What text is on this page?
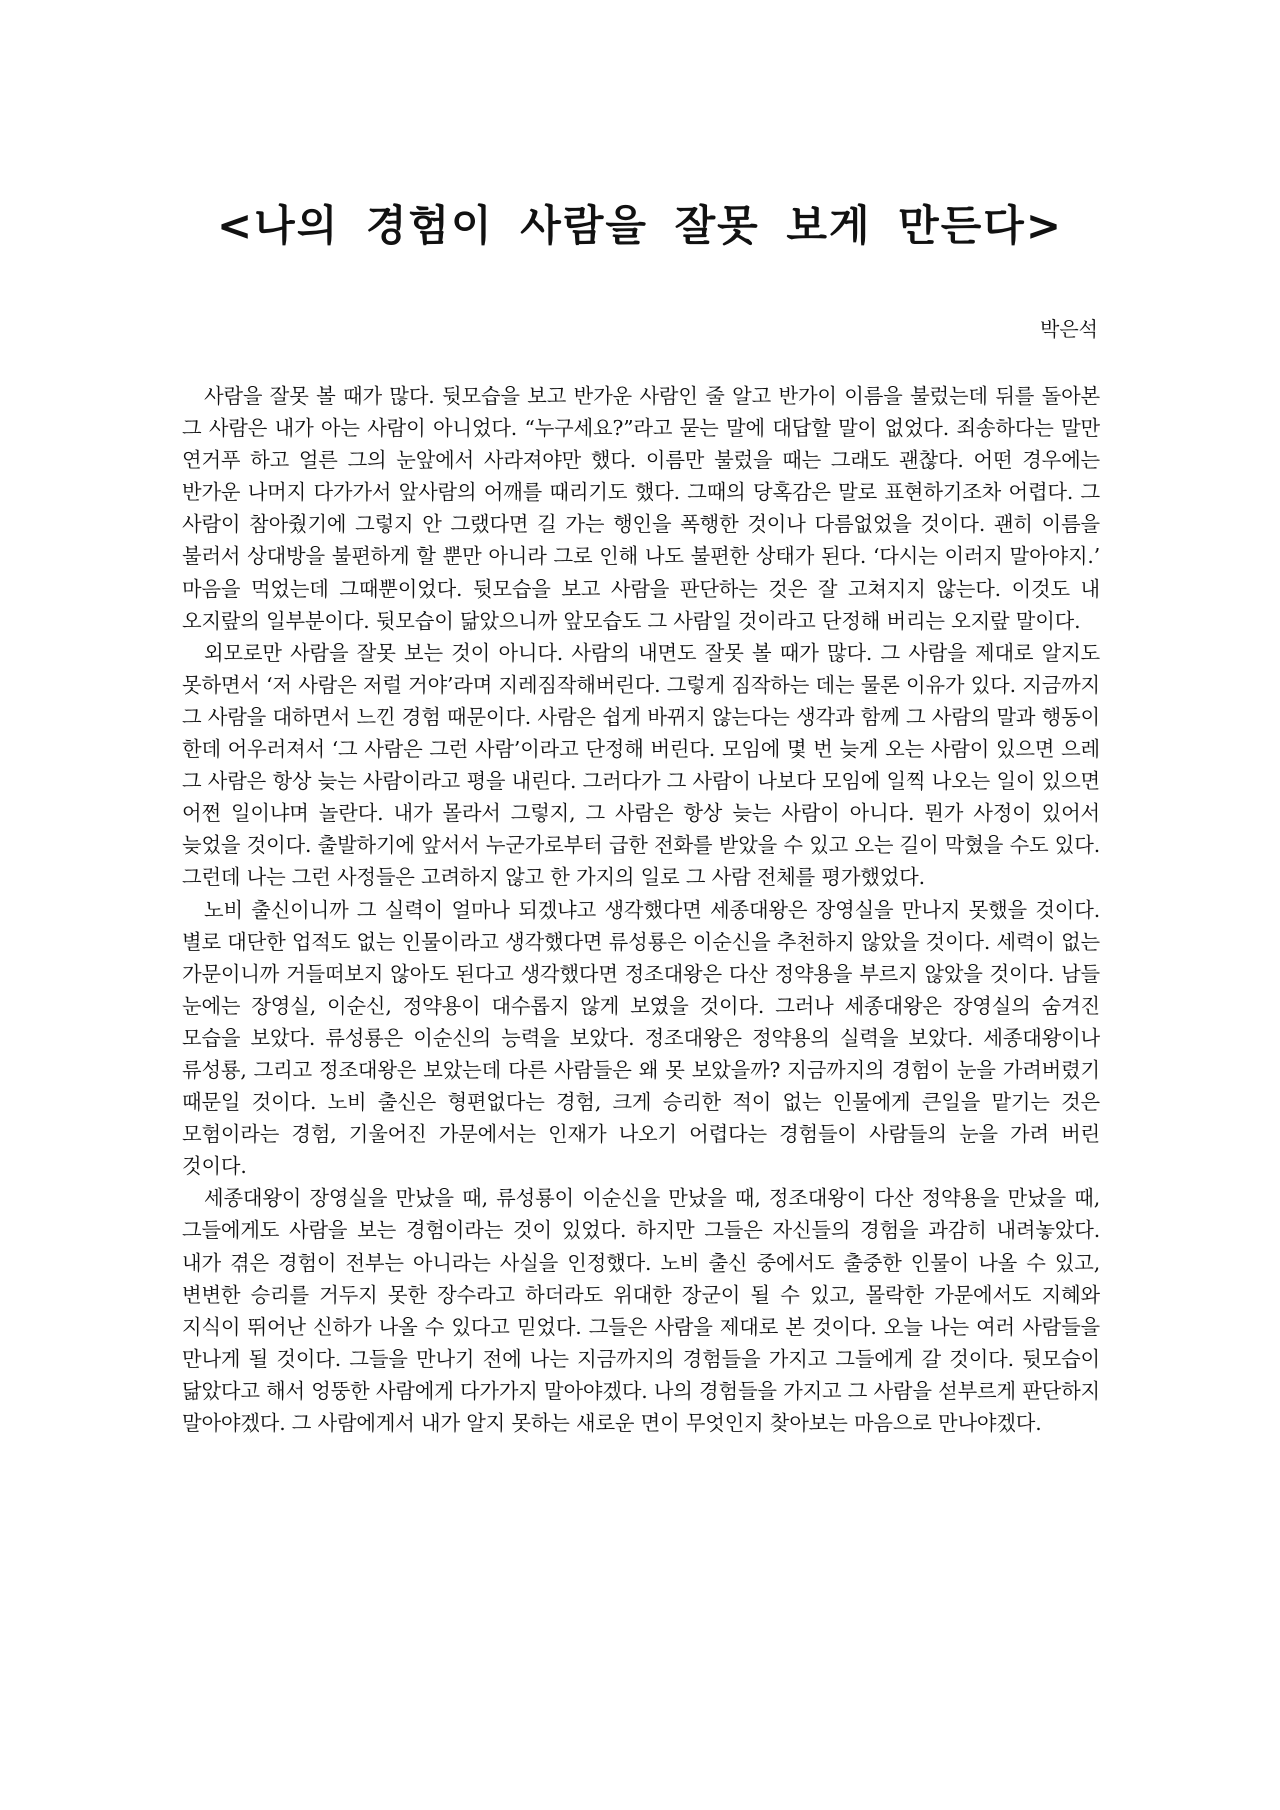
<나의 경험이 사람을 잘못 보게 만든다>

박은석

사람을 잘못 볼 때가 많다. 뒷모습을 보고 반가운 사람인 줄 알고 반가이 이름을 불렀는데 뒤를 돌아본 그 사람은 내가 아는 사람이 아니었다. “누구세요?”라고 묻는 말에 대답할 말이 없었다. 죄송하다는 말만 연거푸 하고 얼른 그의 눈앞에서 사라져야만 했다. 이름만 불렀을 때는 그래도 괜찮다. 어떤 경우에는 반가운 나머지 다가가서 앞사람의 어깨를 때리기도 했다. 그때의 당혹감은 말로 표현하기조차 어렵다. 그 사람이 참아줬기에 그렇지 안 그랬다면 길 가는 행인을 폭행한 것이나 다름없었을 것이다. 괜히 이름을 불러서 상대방을 불편하게 할 뿐만 아니라 그로 인해 나도 불편한 상태가 된다. ‘다시는 이러지 말아야지.’ 마음을 먹었는데 그때뿐이었다. 뒷모습을 보고 사람을 판단하는 것은 잘 고쳐지지 않는다. 이것도 내 오지랖의 일부분이다. 뒷모습이 닮았으니까 앞모습도 그 사람일 것이라고 단정해 버리는 오지랖 말이다.

외모로만 사람을 잘못 보는 것이 아니다. 사람의 내면도 잘못 볼 때가 많다. 그 사람을 제대로 알지도 못하면서 ‘저 사람은 저럴 거야’라며 지레짐작해버린다. 그렇게 짐작하는 데는 물론 이유가 있다. 지금까지 그 사람을 대하면서 느낀 경험 때문이다. 사람은 쉽게 바뀌지 않는다는 생각과 함께 그 사람의 말과 행동이 한데 어우러져서 ‘그 사람은 그런 사람’이라고 단정해 버린다. 모임에 몇 번 늦게 오는 사람이 있으면 으레 그 사람은 항상 늦는 사람이라고 평을 내린다. 그러다가 그 사람이 나보다 모임에 일찍 나오는 일이 있으면 어쩐 일이냐며 놀란다. 내가 몰라서 그렇지, 그 사람은 항상 늦는 사람이 아니다. 뭔가 사정이 있어서 늦었을 것이다. 출발하기에 앞서서 누군가로부터 급한 전화를 받았을 수 있고 오는 길이 막혔을 수도 있다. 그런데 나는 그런 사정들은 고려하지 않고 한 가지의 일로 그 사람 전체를 평가했었다.

노비 출신이니까 그 실력이 얼마나 되겠냐고 생각했다면 세종대왕은 장영실을 만나지 못했을 것이다. 별로 대단한 업적도 없는 인물이라고 생각했다면 류성룡은 이순신을 추천하지 않았을 것이다. 세력이 없는 가문이니까 거들떠보지 않아도 된다고 생각했다면 정조대왕은 다산 정약용을 부르지 않았을 것이다. 남들 눈에는 장영실, 이순신, 정약용이 대수롭지 않게 보였을 것이다. 그러나 세종대왕은 장영실의 숨겨진 모습을 보았다. 류성룡은 이순신의 능력을 보았다. 정조대왕은 정약용의 실력을 보았다. 세종대왕이나 류성룡, 그리고 정조대왕은 보았는데 다른 사람들은 왜 못 보았을까? 지금까지의 경험이 눈을 가려버렸기 때문일 것이다. 노비 출신은 형편없다는 경험, 크게 승리한 적이 없는 인물에게 큰일을 맡기는 것은 모험이라는 경험, 기울어진 가문에서는 인재가 나오기 어렵다는 경험들이 사람들의 눈을 가려 버린 것이다.

세종대왕이 장영실을 만났을 때, 류성룡이 이순신을 만났을 때, 정조대왕이 다산 정약용을 만났을 때, 그들에게도 사람을 보는 경험이라는 것이 있었다. 하지만 그들은 자신들의 경험을 과감히 내려놓았다. 내가 겪은 경험이 전부는 아니라는 사실을 인정했다. 노비 출신 중에서도 출중한 인물이 나올 수 있고, 변변한 승리를 거두지 못한 장수라고 하더라도 위대한 장군이 될 수 있고, 몰락한 가문에서도 지혜와 지식이 뛰어난 신하가 나올 수 있다고 믿었다. 그들은 사람을 제대로 본 것이다. 오늘 나는 여러 사람들을 만나게 될 것이다. 그들을 만나기 전에 나는 지금까지의 경험들을 가지고 그들에게 갈 것이다. 뒷모습이 닮았다고 해서 엉뚱한 사람에게 다가가지 말아야겠다. 나의 경험들을 가지고 그 사람을 섣부르게 판단하지 말아야겠다. 그 사람에게서 내가 알지 못하는 새로운 면이 무엇인지 찾아보는 마음으로 만나야겠다.
